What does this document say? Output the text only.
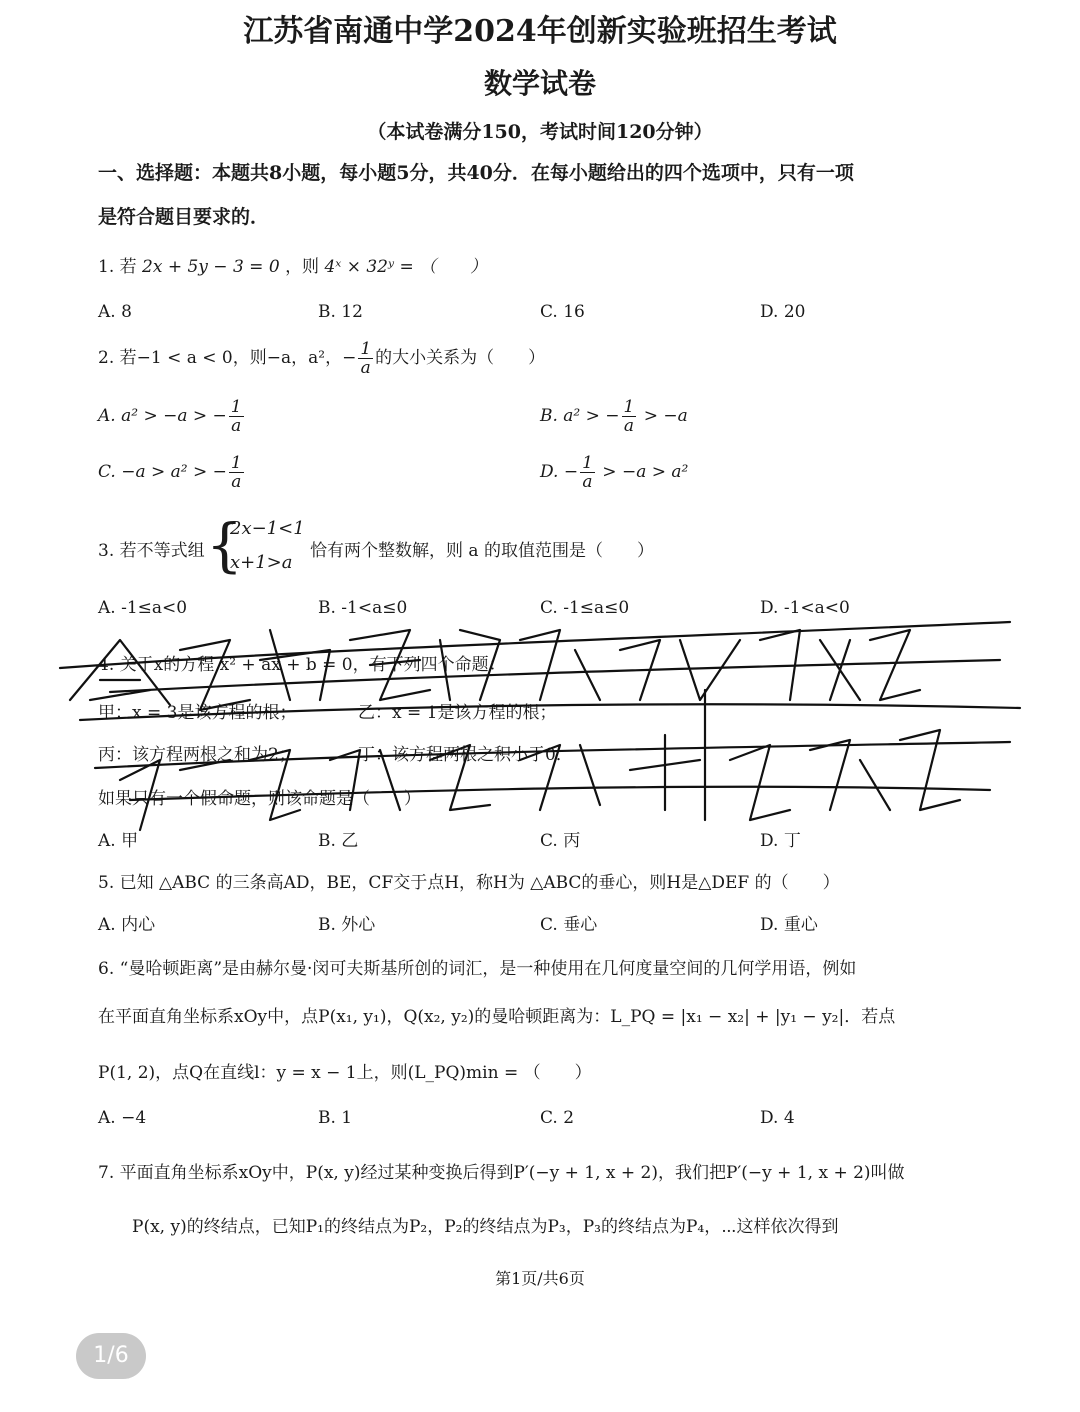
江苏省南通中学2024年创新实验班招生考试
数学试卷
（本试卷满分150，考试时间120分钟）
一、选择题：本题共8小题，每小题5分，共40分．在每小题给出的四个选项中，只有一项
是符合题目要求的．
1. 若 2x + 5y − 3 = 0 ，则 4ˣ × 32ʸ = （　　）
A. 8	B. 12	C. 16	D. 20
2. 若−1 < a < 0，则−a，a²，− $\frac{1}{a}$ 的大小关系为（　　）
A. a² > −a > − $\frac{1}{a}$	B. a² > − $\frac{1}{a} > -a$
C. −a > a² > − $\frac{1}{a}$	D. − $\frac{1}{a} > -a > a^2$
3. 若不等式组 {
2x−1<1
x+1>a
恰有两个整数解，则 a 的取值范围是（　　）
A. -1≤a<0	B. -1<a≤0	C. -1≤a≤0	D. -1<a<0
4. 关于x的方程 x² + ax + b = 0，有下列四个命题：
甲：x = 3是该方程的根；	乙：x = 1是该方程的根；
丙：该方程两根之和为2；	丁：该方程两根之积小于0．
如果只有一个假命题，则该命题是（　　）
A. 甲	B. 乙	C. 丙	D. 丁
5. 已知 △ABC 的三条高AD，BE，CF交于点H，称H为 △ABC的垂心，则H是△DEF 的（　　）
A. 内心	B. 外心	C. 垂心	D. 重心
6. “曼哈顿距离”是由赫尔曼·闵可夫斯基所创的词汇，是一种使用在几何度量空间的几何学用语，例如
在平面直角坐标系xOy中，点P(x₁, y₁)，Q(x₂, y₂)的曼哈顿距离为：L_PQ = |x₁ − x₂| + |y₁ − y₂|．若点
P(1, 2)，点Q在直线l：y = x − 1上，则(L_PQ)min = （　　）
A. −4	B. 1	C. 2	D. 4
7. 平面直角坐标系xOy中，P(x, y)经过某种变换后得到P′(−y + 1, x + 2)，我们把P′(−y + 1, x + 2)叫做
P(x, y)的终结点，已知P₁的终结点为P₂，P₂的终结点为P₃，P₃的终结点为P₄，⋯这样依次得到
第1页/共6页
1/6
